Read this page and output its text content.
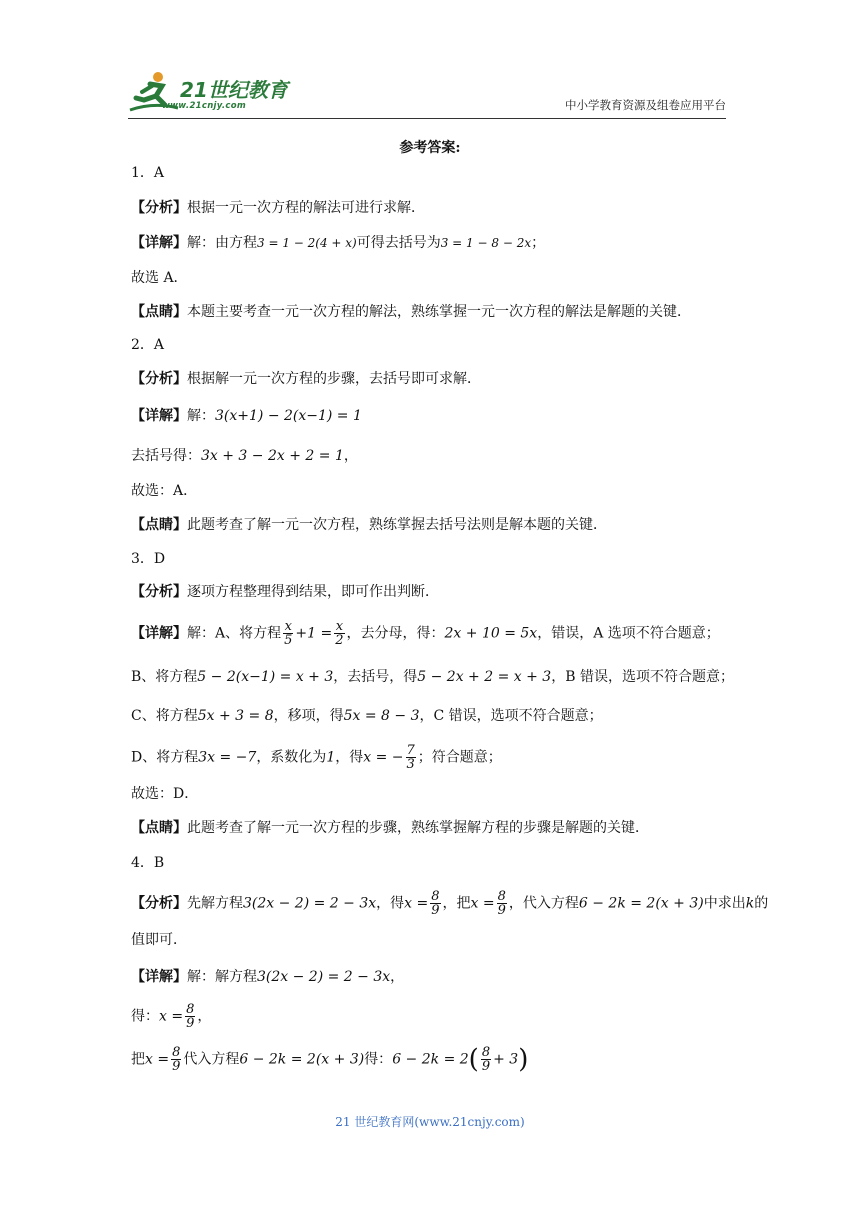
21世纪教育
www.21cnjy.com	中小学教育资源及组卷应用平台
参考答案:
1．A
【分析】根据一元一次方程的解法可进行求解．
【详解】解：由方程3 = 1 − 2(4 + x)可得去括号为3 = 1 − 8 − 2x；
故选 A．
【点睛】本题主要考查一元一次方程的解法，熟练掌握一元一次方程的解法是解题的关键．
2．A
【分析】根据解一元一次方程的步骤，去括号即可求解．
【详解】解：3(x+1) − 2(x−1) = 1
去括号得：3x + 3 − 2x + 2 = 1，
故选：A．
【点睛】此题考查了解一元一次方程，熟练掌握去括号法则是解本题的关键．
3．D
【分析】逐项方程整理得到结果，即可作出判断．
【详解】解：A、将方程 $\frac{x}{5} +1 = \frac{x}{2}$ ，去分母，得：2x + 10 = 5x，错误，A 选项不符合题意；
B、将方程5 − 2(x−1) = x + 3，去括号，得5 − 2x + 2 = x + 3，B 错误，选项不符合题意；
C、将方程5x + 3 = 8，移项，得5x = 8 − 3，C 错误，选项不符合题意；
D、将方程3x = −7，系数化为1，得x = − $\frac{7}{3}$ ；符合题意；
故选：D．
【点睛】此题考查了解一元一次方程的步骤，熟练掌握解方程的步骤是解题的关键．
4．B
【分析】先解方程3(2x − 2) = 2 − 3x，得$x = \frac{8}{9}$ ，把$x = \frac{8}{9}$ ，代入方程6 − 2k = 2(x + 3)中求出k的
值即可．
【详解】解：解方程3(2x − 2) = 2 − 3x，
得：$x = \frac{8}{9}$ ，
把$x = \frac{8}{9}$ 代入方程6 − 2k = 2(x + 3)得：$6 - 2k = 2( \frac{8}{9} + 3)$
21 世纪教育网(www.21cnjy.com)
